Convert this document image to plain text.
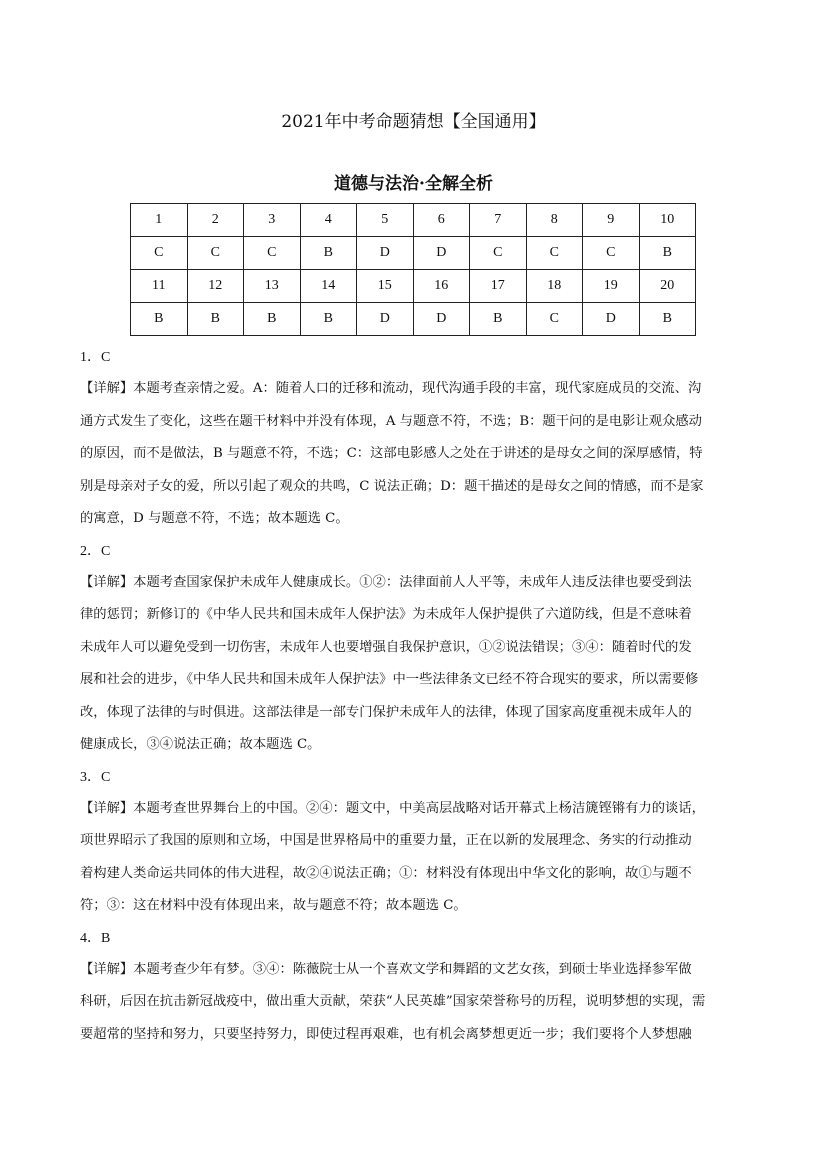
2021年中考命题猜想【全国通用】
道德与法治·全解全析
1	2	3	4	5	6	7	8	9	10
C	C	C	B	D	D	C	C	C	B
11	12	13	14	15	16	17	18	19	20
B	B	B	B	D	D	B	C	D	B
1．C
【详解】本题考查亲情之爱。A：随着人口的迁移和流动，现代沟通手段的丰富，现代家庭成员的交流、沟
通方式发生了变化，这些在题干材料中并没有体现，A 与题意不符，不选；B：题干问的是电影让观众感动
的原因，而不是做法，B 与题意不符，不选；C：这部电影感人之处在于讲述的是母女之间的深厚感情，特
别是母亲对子女的爱，所以引起了观众的共鸣，C 说法正确；D：题干描述的是母女之间的情感，而不是家
的寓意，D 与题意不符，不选；故本题选 C。
2．C
【详解】本题考查国家保护未成年人健康成长。①②：法律面前人人平等，未成年人违反法律也要受到法
律的惩罚；新修订的《中华人民共和国未成年人保护法》为未成年人保护提供了六道防线，但是不意味着
未成年人可以避免受到一切伤害，未成年人也要增强自我保护意识，①②说法错误；③④：随着时代的发
展和社会的进步，《中华人民共和国未成年人保护法》中一些法律条文已经不符合现实的要求，所以需要修
改，体现了法律的与时俱进。这部法律是一部专门保护未成年人的法律，体现了国家高度重视未成年人的
健康成长，③④说法正确；故本题选 C。
3．C
【详解】本题考查世界舞台上的中国。②④：题文中，中美高层战略对话开幕式上杨洁篪铿锵有力的谈话，
项世界昭示了我国的原则和立场，中国是世界格局中的重要力量，正在以新的发展理念、务实的行动推动
着构建人类命运共同体的伟大进程，故②④说法正确；①：材料没有体现出中华文化的影响，故①与题不
符；③：这在材料中没有体现出来，故与题意不符；故本题选 C。
4．B
【详解】本题考查少年有梦。③④：陈薇院士从一个喜欢文学和舞蹈的文艺女孩，到硕士毕业选择参军做
科研，后因在抗击新冠战疫中，做出重大贡献，荣获“人民英雄”国家荣誉称号的历程，说明梦想的实现，需
要超常的坚持和努力，只要坚持努力，即使过程再艰难，也有机会离梦想更近一步；我们要将个人梦想融
